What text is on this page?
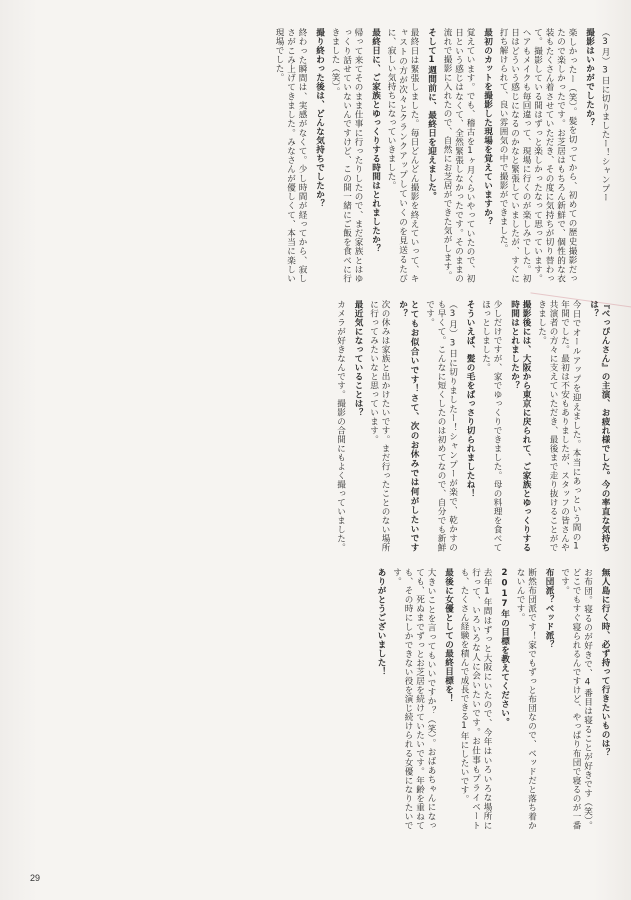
（3月）3日に切りましたー！シャンプー
撮影はいかがでしたか？
楽しかったー（笑）。髪を切ってから、初めての歴史撮影だったので楽しかったです。お芝居はもちろん新鮮で、個性的な衣装もたくさん着させていただき、その度に気持ちが切り替わって。撮影している間はずっと楽しかったなって思っています。ヘアもメイクも毎回違って、現場に行くのが楽しみでした。初日はどういう感じになるのかなと緊張していましたが、すぐに打ち解けられて、良い雰囲気の中で撮影ができました。
最初のカットを撮影した現場を覚えていますか？
覚えています。でも、稽古を1ヶ月くらいやっていたので、初日という感じはなくて、全然緊張しなかったです。そのままの流れで撮影に入れたので、自然にお芝居ができた気がします。
そして1週間前に、最終日を迎えました。
最終日は緊張しました。毎日どんどん撮影を終えていって、キャストの方が次々とクランクアップしていくのを見送るたびに、寂しい気持ちになっていきました。
最終日に、ご家族とゆっくりする時間はとれましたか？
帰って来てそのまま仕事に行ったりしたので、まだ家族とはゆっくり話せていないんですけど、この間一緒にご飯を食べに行きました（笑）。
撮り終わった後は、どんな気持ちでしたか？
終わった瞬間は、実感がなくて。少し時間が経ってから、寂しさがこみ上げてきました。みなさんが優しくて、本当に楽しい現場でした。
『べっぴんさん』の主演、お疲れ様でした。今の率直な気持ちは？
今日でオールアップを迎えました。本当にあっという間の1年間でした。最初は不安もありましたが、スタッフの皆さんや共演者の方々に支えていただき、最後まで走り抜けることができました。
撮影後には、大阪から東京に戻られて、ご家族とゆっくりする時間はとれましたか？
少しだけですが、家でゆっくりできました。母の料理を食べてほっとしました。
そういえば、髪の毛をばっさり切られましたね！
（3月）3日に切りましたー！シャンプーが楽で、乾かすのも早くて。こんなに短くしたのは初めてなので、自分でも新鮮です。
とてもお似合いです！さて、次のお休みでは何がしたいですか？
次の休みは家族と出かけたいです。まだ行ったことのない場所に行ってみたいなと思っています。
最近気になっていることは？
カメラが好きなんです。撮影の合間にもよく撮っていました。
無人島に行く時、必ず持って行きたいものは？
お布団。寝るのが好きで、4番目は寝ることが好きです（笑）。どこでもすぐ寝られるんですけど、やっぱり布団で寝るのが一番です。
布団派？ベッド派？
断然布団派です！家でもずっと布団なので、ベッドだと落ち着かないんです。
2017年の目標を教えてください。
去年1年間はずっと大阪にいたので、今年はいろいろな場所に行って、いろいろな人に会いたいです。お仕事もプライベートも、たくさん経験を積んで成長できる1年にしたいです。
最後に女優としての最終目標を！
大きいことを言ってもいいですか？（笑）。おばあちゃんになっても、死ぬまでずっとお芝居を続けていたいです。年齢を重ねても、その時にしかできない役を演じ続けられる女優になりたいです。
ありがとうございました！
29
